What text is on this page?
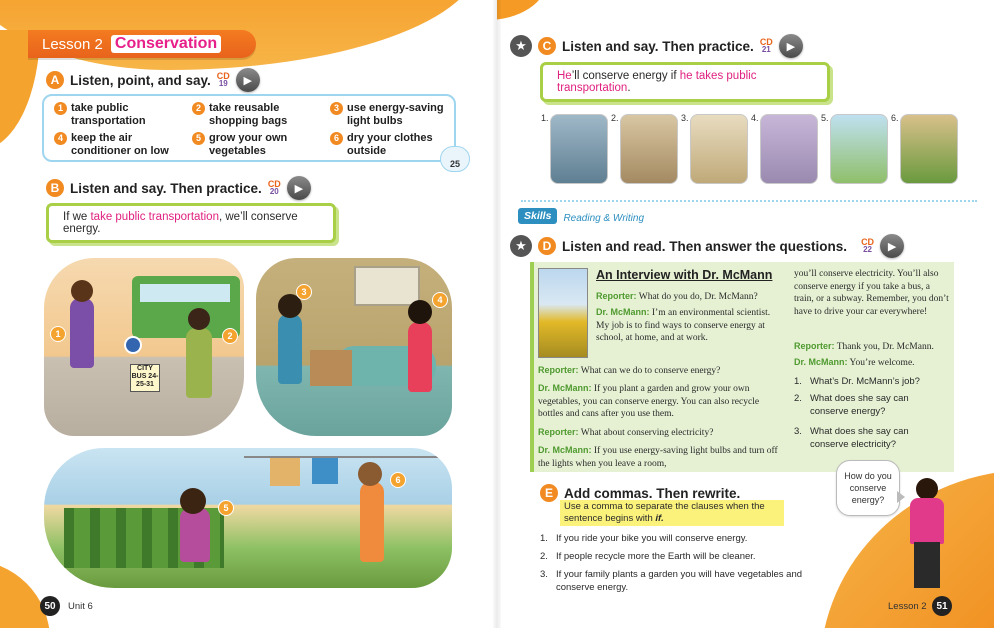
Lesson 2 Conservation
A Listen, point, and say. CD
19	▶
1 take public transportation
2 take reusable shopping bags
3 use energy-saving light bulbs
4 keep the air conditioner on low
5 grow your own vegetables
6 dry your clothes outside
25
B Listen and say. Then practice. CD
20	▶
If we take public transportation, we’ll conserve energy.
CITY BUS 24-25-31
1	2
3
4
5
6
50	Unit 6
★	C Listen and say. Then practice. CD
21	▶
He’ll conserve energy if he takes public transportation.
1.	2.	3.	4.	5.	6.
Skills	Reading & Writing
★	D Listen and read. Then answer the questions. CD
22	▶
An Interview with Dr. McMann
Reporter: What do you do, Dr. McMann?
Dr. McMann: I’m an environmental scientist. My job is to find ways to conserve energy at school, at home, and at work.
Reporter: What can we do to conserve energy?
Dr. McMann: If you plant a garden and grow your own vegetables, you can conserve energy. You can also recycle bottles and cans after you use them.
Reporter: What about conserving electricity?
Dr. McMann: If you use energy-saving light bulbs and turn off the lights when you leave a room,
you’ll conserve electricity. You’ll also conserve energy if you take a bus, a train, or a subway. Remember, you don’t have to drive your car everywhere!
Reporter: Thank you, Dr. McMann.
Dr. McMann: You’re welcome.
1. What’s Dr. McMann’s job?
2. What does she say can conserve energy?
3. What does she say can conserve electricity?
E Add commas. Then rewrite.
Use a comma to separate the clauses when the sentence begins with if.
1. If you ride your bike you will conserve energy.
2. If people recycle more the Earth will be cleaner.
3. If your family plants a garden you will have vegetables and conserve energy.
How do you conserve energy?
Lesson 2 51
